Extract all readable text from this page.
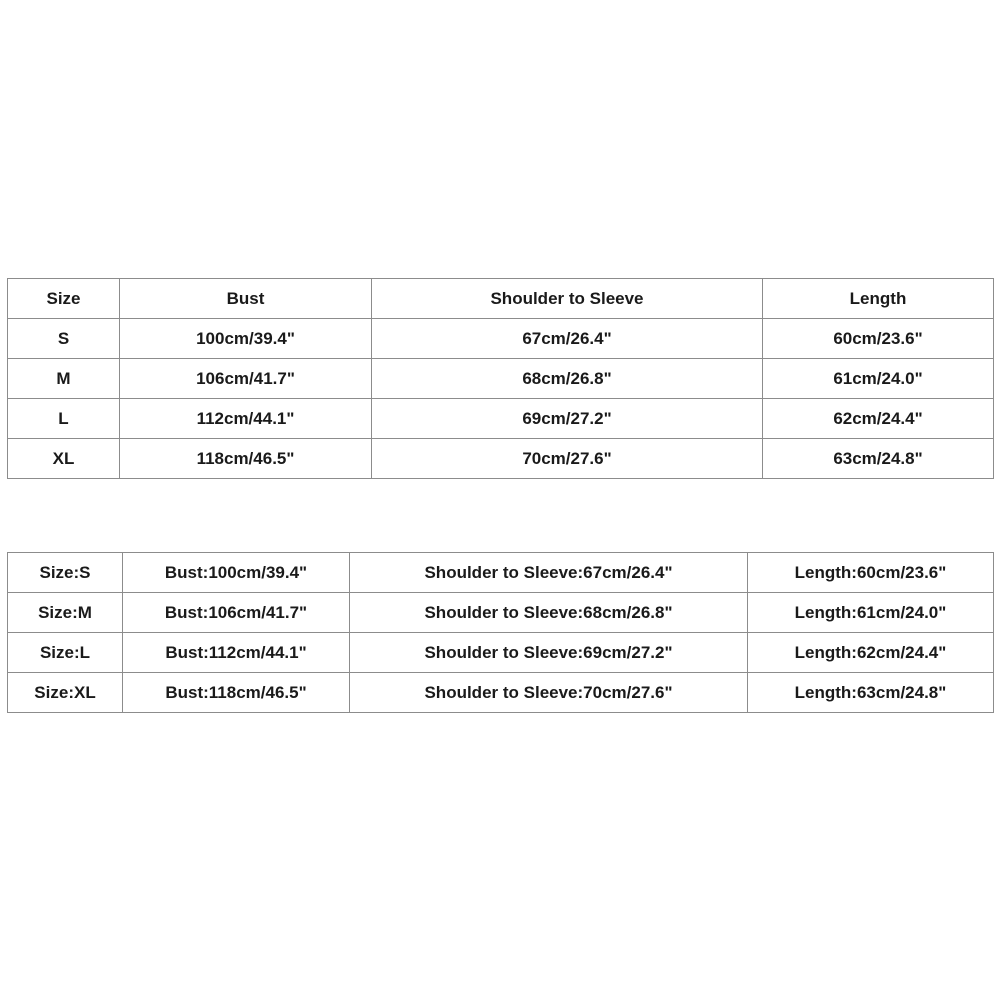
Size	Bust	Shoulder to Sleeve	Length
S	100cm/39.4"	67cm/26.4"	60cm/23.6"
M	106cm/41.7"	68cm/26.8"	61cm/24.0"
L	112cm/44.1"	69cm/27.2"	62cm/24.4"
XL	118cm/46.5"	70cm/27.6"	63cm/24.8"
Size:S	Bust:100cm/39.4"	Shoulder to Sleeve:67cm/26.4"	Length:60cm/23.6"
Size:M	Bust:106cm/41.7"	Shoulder to Sleeve:68cm/26.8"	Length:61cm/24.0"
Size:L	Bust:112cm/44.1"	Shoulder to Sleeve:69cm/27.2"	Length:62cm/24.4"
Size:XL	Bust:118cm/46.5"	Shoulder to Sleeve:70cm/27.6"	Length:63cm/24.8"
